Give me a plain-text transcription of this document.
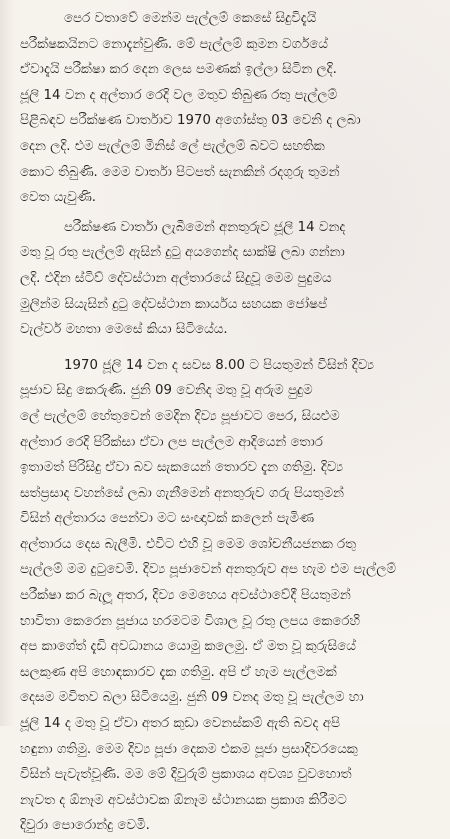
පෙර වතාවේ මෙන්ම පැල්ලම් කෙසේ සිදුවිදැයි
පරීක්ෂකයිනට නොදැන්වුණි. මේ පැල්ලම් කුමන වර්ගයේ
ඒවාදැයි පරීක්ෂා කර දෙන ලෙස පමණක් ඉල්ලා සිටින ලදි.
ජූලි 14 වන ද අල්තාර රෙදි වල මතුව තිබුණ රතු පැල්ලම්
පිළිබඳව පරීක්ෂණ වාර්තාව 1970 අගෝස්තු 03 වෙනි ද ලබා
දෙන ලදි. එම පැල්ලම් මිනිස් ලේ පැල්ලම් බවට සහතික
කොට තිබුණි. මෙම වාර්තා පිටපත් සැනකින් රදගුරු තුමන්
වෙත යැවුණි.
පරීක්ෂණ වාර්තා ලැබීමෙන් අනතුරුව ජූලි 14 වනද
මතු වූ රතු පැල්ලම් ඇසින් දුටු අයගෙන්ද සාක්ෂි ලබා ගන්නා
ලදි. එදින ස්ටිව් දේවස්ථාන අල්තාරයේ සිදුවූ මෙම පුදුමය
මුලින්ම සියැසින් දුටු දේවස්ථාන කාර්යය සහයක ජෝෂප්
වැල්වර් මහතා මෙසේ කියා සිටියේය.
1970 ජූලි 14 වන ද සවස 8.00 ට පියතුමන් විසින් දිව්‍ය
පූජාව සිදු කෙරුණි. ජුනි 09 වෙනිද මතු වූ අරුම පුදුම
ලේ පැල්ලම් හේතුවෙන් මෙදින දිව්‍ය පූජාවට පෙර, සියළුම
අල්තාර රෙදි පිරික්සා ඒවා ලප පැල්ලම ආදියෙන් තොර
ඉතාමත් පිරිසිදු ඒවා බව සැකයෙන් තොරව දැන ගතිමු. දිව්‍ය
සත්ප්‍රසාද වහන්සේ ලබා ගැනීමෙන් අනතුරුව ගරු පියතුමන්
විසින් අල්තාරය පෙන්වා මට සංඥාවක් කලෙන් පැමිණ
අල්තාරය දෙස බැලීමි. එවිට එහි වූ මෙම ශෝචනීයජනක රතු
පැල්ලම් මම දුටුවෙමි. දිව්‍ය පූජාවෙන් අනතුරුව අප හැම එම පැල්ලම්
පරීක්ෂා කර බැලූ අතර, දිව්‍ය මෙහෙය අවස්ථාවේදී පියතුමන්
භාවිතා කෙරෙන පූජාය හරමටම විශාල වූ රතු ලපය කෙරෙහි
අප කාගේත් දැඩි අවධානය යොමු කලෙමු. ඒ මත වූ කුරුසියේ
සලකුණ අපි හොඳකාරව දැක ගතිමු. අපි ඒ හැම පැල්ලමක්
දෙසම මවිතව බලා සිටියෙමු. ජුනි 09 වනද මතු වූ පැල්ලම හා
ජූලි 14 ද මතු වූ ඒවා අතර කුඩා වෙනස්කම් ඇති බවද අපි
හඳුනා ගතිමු. මෙම දිව්‍ය පූජා දෙකම එකම පූජා ප්‍රසාදිවරයෙකු
විසින් පැවැත්වූණි. මම මේ දිවුරුම් ප්‍රකාශය අවශ්‍ය වුවහොත්
නැවත ද ඕනෑම අවස්ථාවක ඕනෑම ස්ථානයක ප්‍රකාශ කිරීමට
දිවුරා පොරොන්දු වෙමි.
